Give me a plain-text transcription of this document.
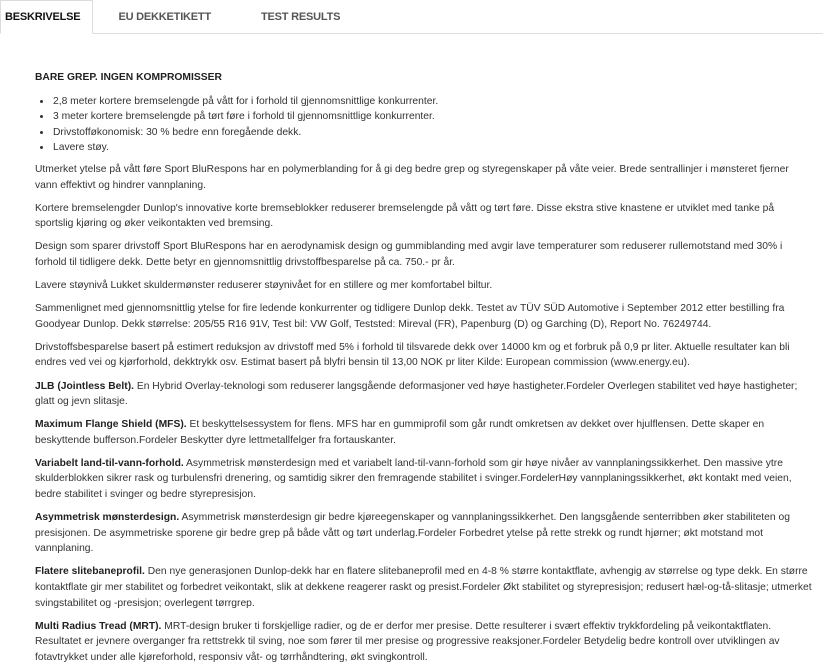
BESKRIVELSE	EU DEKKETIKETT	TEST RESULTS
BARE GREP. INGEN KOMPROMISSER
• 2,8 meter kortere bremselengde på vått for i forhold til gjennomsnittlige konkurrenter.
• 3 meter kortere bremselengde på tørt føre i forhold til gjennomsnittlige konkurrenter.
• Drivstofføkonomisk: 30 % bedre enn foregående dekk.
• Lavere støy.

Utmerket ytelse på vått føre Sport BluRespons har en polymerblanding for å gi deg bedre grep og styregenskaper på våte veier. Brede sentrallinjer i mønsteret fjerner vann effektivt og hindrer vannplaning.

Kortere bremselengder Dunlop's innovative korte bremseblokker reduserer bremselengde på vått og tørt føre. Disse ekstra stive knastene er utviklet med tanke på sportslig kjøring og øker veikontakten ved bremsing.

Design som sparer drivstoff Sport BluRespons har en aerodynamisk design og gummiblanding med avgir lave temperaturer som reduserer rullemotstand med 30% i forhold til tidligere dekk. Dette betyr en gjennomsnittlig drivstoffbesparelse på ca. 750.- pr år.

Lavere støynivå Lukket skuldermønster reduserer støynivået for en stillere og mer komfortabel biltur.

Sammenlignet med gjennomsnittlig ytelse for fire ledende konkurrenter og tidligere Dunlop dekk. Testet av TÜV SÜD Automotive i September 2012 etter bestilling fra Goodyear Dunlop. Dekk størrelse: 205/55 R16 91V, Test bil: VW Golf, Teststed: Mireval (FR), Papenburg (D) og Garching (D), Report No. 76249744.

Drivstoffsbesparelse basert på estimert reduksjon av drivstoff med 5% i forhold til tilsvarede dekk over 14000 km og et forbruk på 0,9 pr liter. Aktuelle resultater kan bli endres ved vei og kjørforhold, dekktrykk osv. Estimat basert på blyfri bensin til 13,00 NOK pr liter Kilde: European commission (www.energy.eu).

JLB (Jointless Belt). En Hybrid Overlay-teknologi som reduserer langsgående deformasjoner ved høye hastigheter.Fordeler Overlegen stabilitet ved høye hastigheter; glatt og jevn slitasje.

Maximum Flange Shield (MFS). Et beskyttelsessystem for flens. MFS har en gummiprofil som går rundt omkretsen av dekket over hjulflensen. Dette skaper en beskyttende bufferson.Fordeler Beskytter dyre lettmetallfelger fra fortauskanter.

Variabelt land-til-vann-forhold. Asymmetrisk mønsterdesign med et variabelt land-til-vann-forhold som gir høye nivåer av vannplaningssikkerhet. Den massive ytre skulderblokken sikrer rask og turbulensfri drenering, og samtidig sikrer den fremragende stabilitet i svinger.FordelerHøy vannplaningssikkerhet, økt kontakt med veien, bedre stabilitet i svinger og bedre styrepresisjon.

Asymmetrisk mønsterdesign. Asymmetrisk mønsterdesign gir bedre kjøreegenskaper og vannplaningssikkerhet. Den langsgående senterribben øker stabiliteten og presisjonen. De asymmetriske sporene gir bedre grep på både vått og tørt underlag.Fordeler Forbedret ytelse på rette strekk og rundt hjørner; økt motstand mot vannplaning.

Flatere slitebaneprofil. Den nye generasjonen Dunlop-dekk har en flatere slitebaneprofil med en 4-8 % større kontaktflate, avhengig av størrelse og type dekk. En større kontaktflate gir mer stabilitet og forbedret veikontakt, slik at dekkene reagerer raskt og presist.Fordeler Økt stabilitet og styrepresisjon; redusert hæl-og-tå-slitasje; utmerket svingstabilitet og -presisjon; overlegent tørrgrep.

Multi Radius Tread (MRT). MRT-design bruker ti forskjellige radier, og de er derfor mer presise. Dette resulterer i svært effektiv trykkfordeling på veikontaktflaten. Resultatet er jevnere overganger fra rettstrekk til sving, noe som fører til mer presise og progressive reaksjoner.Fordeler Betydelig bedre kontroll over utviklingen av fotavtrykket under alle kjøreforhold, responsiv våt- og tørrhåndtering, økt svingkontroll.
